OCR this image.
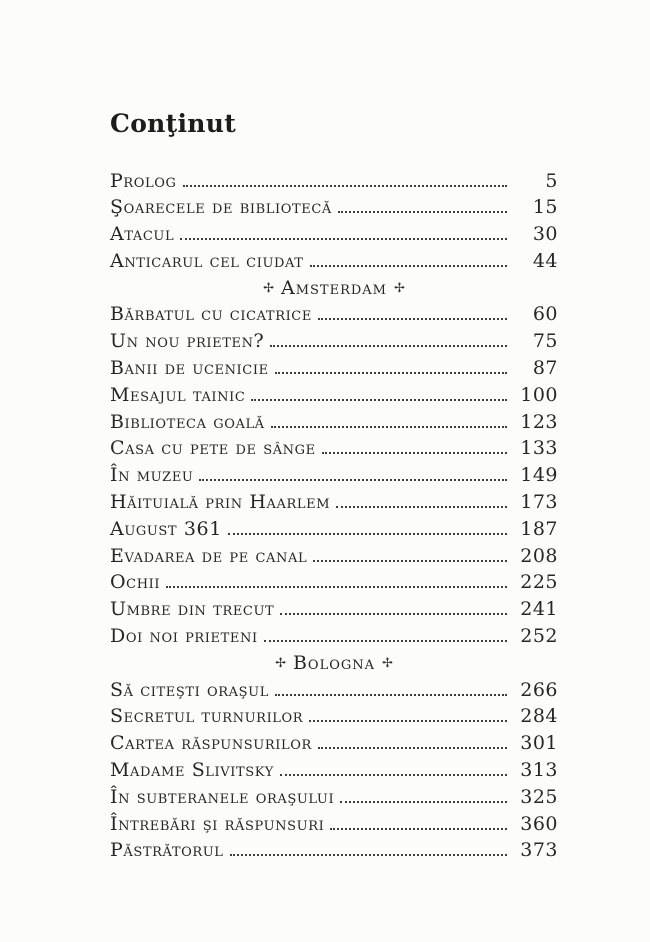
Conţinut
Prolog	5
Şoarecele de bibliotecă	15
Atacul	30
Anticarul cel ciudat	44
✢ Amsterdam ✢
Bărbatul cu cicatrice	60
Un nou prieten?	75
Banii de ucenicie	87
Mesajul tainic	100
Biblioteca goală	123
Casa cu pete de sânge	133
În muzeu	149
Hăituială prin Haarlem	173
August 361	187
Evadarea de pe canal	208
Ochii	225
Umbre din trecut	241
Doi noi prieteni	252
✢ Bologna ✢
Să citeşti oraşul	266
Secretul turnurilor	284
Cartea răspunsurilor	301
Madame Slivitsky	313
În subteranele oraşului	325
Întrebări şi răspunsuri	360
Păstrătorul	373
